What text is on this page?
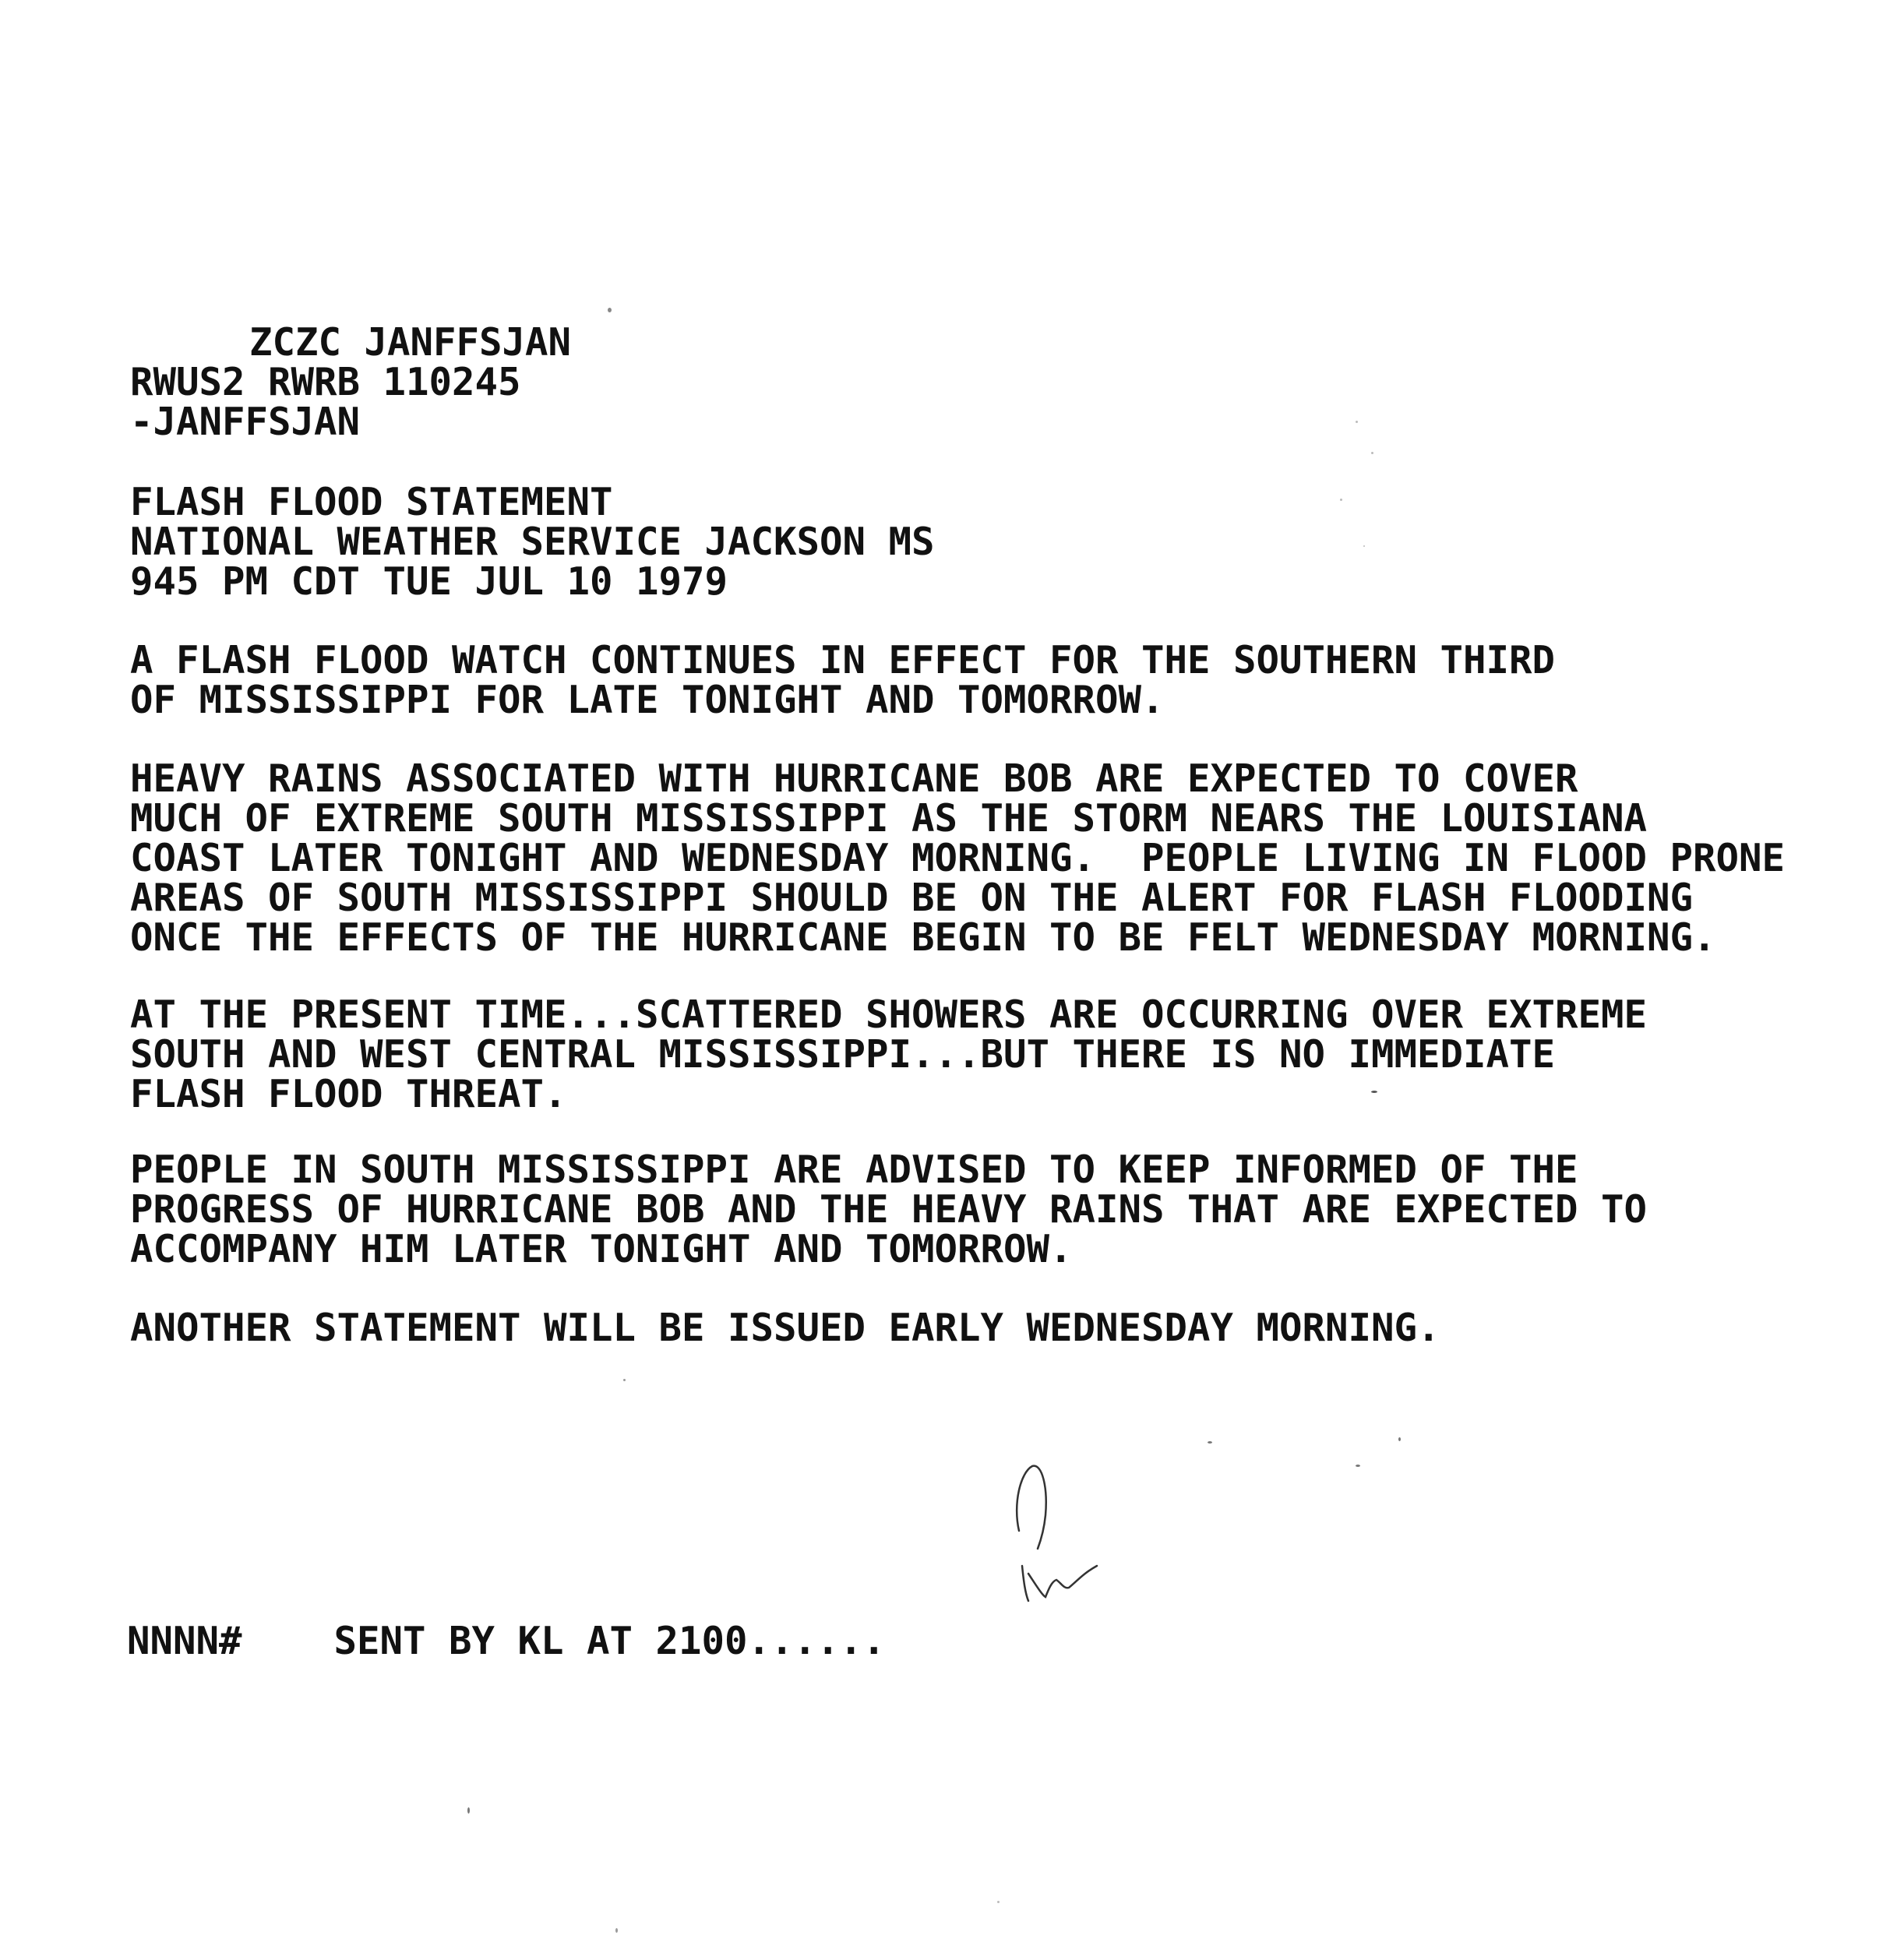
ZCZC JANFFSJAN
RWUS2 RWRB 110245
-JANFFSJAN
FLASH FLOOD STATEMENT
NATIONAL WEATHER SERVICE JACKSON MS
945 PM CDT TUE JUL 10 1979
A FLASH FLOOD WATCH CONTINUES IN EFFECT FOR THE SOUTHERN THIRD
OF MISSISSIPPI FOR LATE TONIGHT AND TOMORROW.
HEAVY RAINS ASSOCIATED WITH HURRICANE BOB ARE EXPECTED TO COVER
MUCH OF EXTREME SOUTH MISSISSIPPI AS THE STORM NEARS THE LOUISIANA
COAST LATER TONIGHT AND WEDNESDAY MORNING.  PEOPLE LIVING IN FLOOD PRONE
AREAS OF SOUTH MISSISSIPPI SHOULD BE ON THE ALERT FOR FLASH FLOODING
ONCE THE EFFECTS OF THE HURRICANE BEGIN TO BE FELT WEDNESDAY MORNING.
AT THE PRESENT TIME...SCATTERED SHOWERS ARE OCCURRING OVER EXTREME
SOUTH AND WEST CENTRAL MISSISSIPPI...BUT THERE IS NO IMMEDIATE
FLASH FLOOD THREAT.
PEOPLE IN SOUTH MISSISSIPPI ARE ADVISED TO KEEP INFORMED OF THE
PROGRESS OF HURRICANE BOB AND THE HEAVY RAINS THAT ARE EXPECTED TO
ACCOMPANY HIM LATER TONIGHT AND TOMORROW.
ANOTHER STATEMENT WILL BE ISSUED EARLY WEDNESDAY MORNING.
NNNN#    SENT BY KL AT 2100......
